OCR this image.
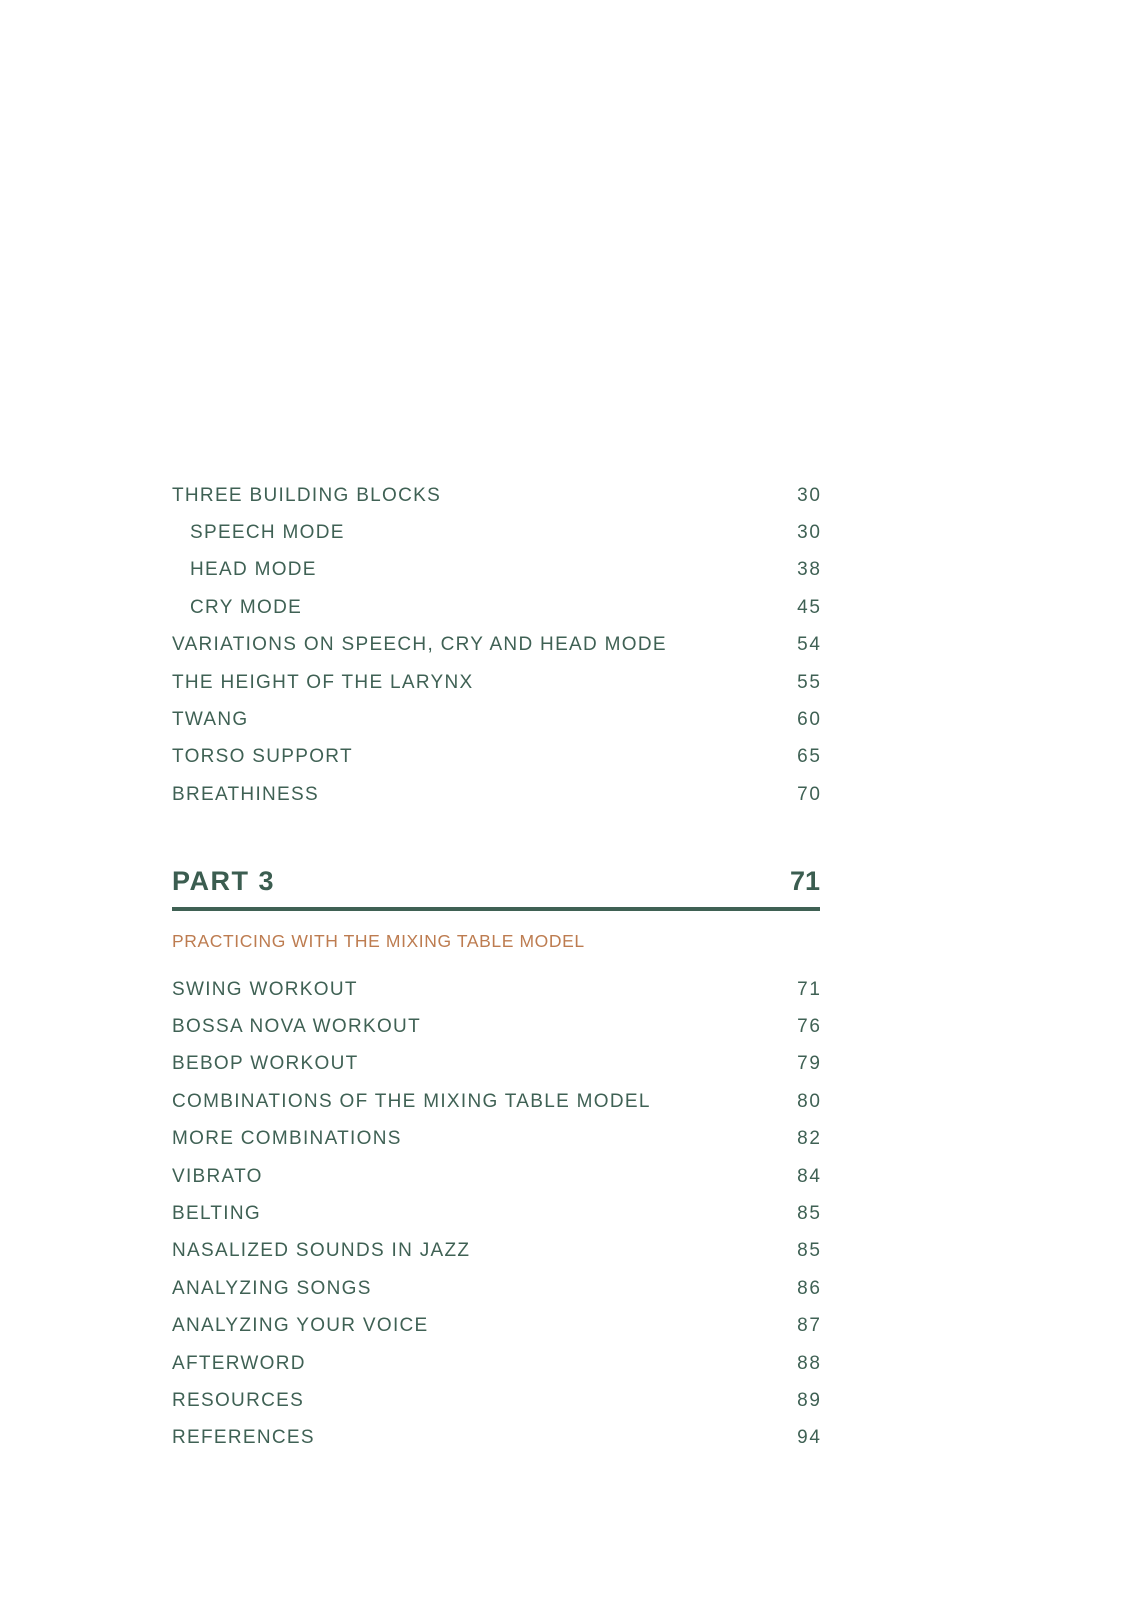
THREE BUILDING BLOCKS	30
SPEECH MODE	30
HEAD MODE	38
CRY MODE	45
VARIATIONS ON SPEECH, CRY AND HEAD MODE	54
THE HEIGHT OF THE LARYNX	55
TWANG	60
TORSO SUPPORT	65
BREATHINESS	70
PART 3	71
PRACTICING WITH THE MIXING TABLE MODEL
SWING WORKOUT	71
BOSSA NOVA WORKOUT	76
BEBOP WORKOUT	79
COMBINATIONS OF THE MIXING TABLE MODEL	80
MORE COMBINATIONS	82
VIBRATO	84
BELTING	85
NASALIZED SOUNDS IN JAZZ	85
ANALYZING SONGS	86
ANALYZING YOUR VOICE	87
AFTERWORD	88
RESOURCES	89
REFERENCES	94
